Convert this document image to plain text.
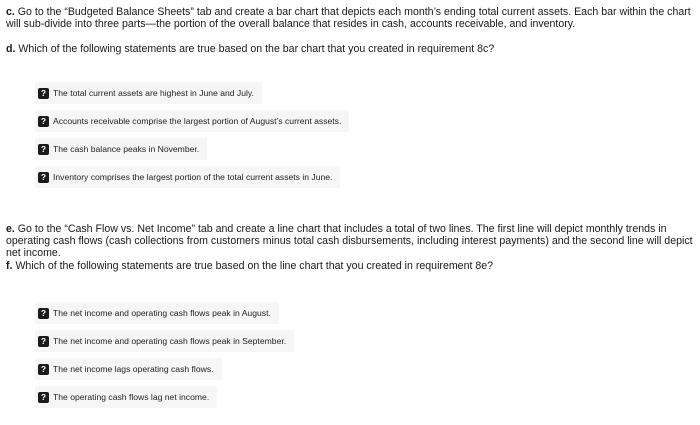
c. Go to the “Budgeted Balance Sheets” tab and create a bar chart that depicts each month’s ending total current assets. Each bar within the chart will sub-divide into three parts—the portion of the overall balance that resides in cash, accounts receivable, and inventory.

d. Which of the following statements are true based on the bar chart that you created in requirement 8c?

? The total current assets are highest in June and July.
? Accounts receivable comprise the largest portion of August’s current assets.
? The cash balance peaks in November.
? Inventory comprises the largest portion of the total current assets in June.

e. Go to the “Cash Flow vs. Net Income” tab and create a line chart that includes a total of two lines. The first line will depict monthly trends in operating cash flows (cash collections from customers minus total cash disbursements, including interest payments) and the second line will depict net income.

f. Which of the following statements are true based on the line chart that you created in requirement 8e?

? The net income and operating cash flows peak in August.
? The net income and operating cash flows peak in September.
? The net income lags operating cash flows.
? The operating cash flows lag net income.
